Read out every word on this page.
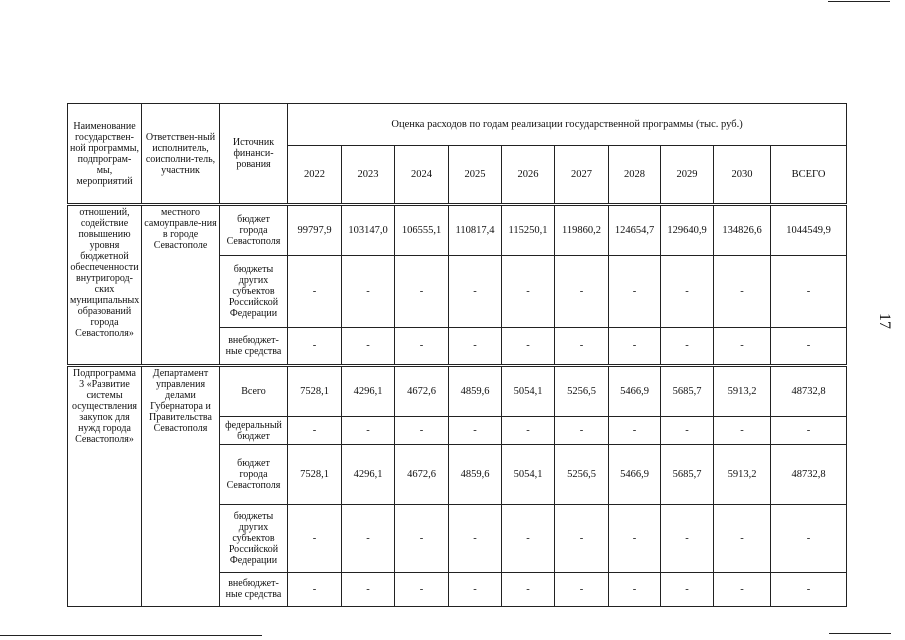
17
Наименование государствен-ной программы, подпрограм-мы, мероприятий	Ответствен-ный исполнитель, соисполни-тель, участник	Источник финанси-рования	Оценка расходов по годам реализации государственной программы (тыс. руб.)									
			2022	2023	2024	2025	2026	2027	2028	2029	2030	ВСЕГО
отношений, содействие повышению уровня бюджетной обеспеченности внутригород-ских муниципальных образований города Севастополя»	местного самоуправле-ния в городе Севастополе	бюджет города Севастополя	99797,9	103147,0	106555,1	110817,4	115250,1	119860,2	124654,7	129640,9	134826,6	1044549,9
		бюджеты других субъектов Российской Федерации	-	-	-	-	-	-	-	-	-	-
		внебюджет-ные средства	-	-	-	-	-	-	-	-	-	-
Подпрограмма 3 «Развитие системы осуществления закупок для нужд города Севастополя»	Департамент управления делами Губернатора и Правительства Севастополя	Всего	7528,1	4296,1	4672,6	4859,6	5054,1	5256,5	5466,9	5685,7	5913,2	48732,8
		федеральный бюджет	-	-	-	-	-	-	-	-	-	-
		бюджет города Севастополя	7528,1	4296,1	4672,6	4859,6	5054,1	5256,5	5466,9	5685,7	5913,2	48732,8
		бюджеты других субъектов Российской Федерации	-	-	-	-	-	-	-	-	-	-
		внебюджет-ные средства	-	-	-	-	-	-	-	-	-	-
